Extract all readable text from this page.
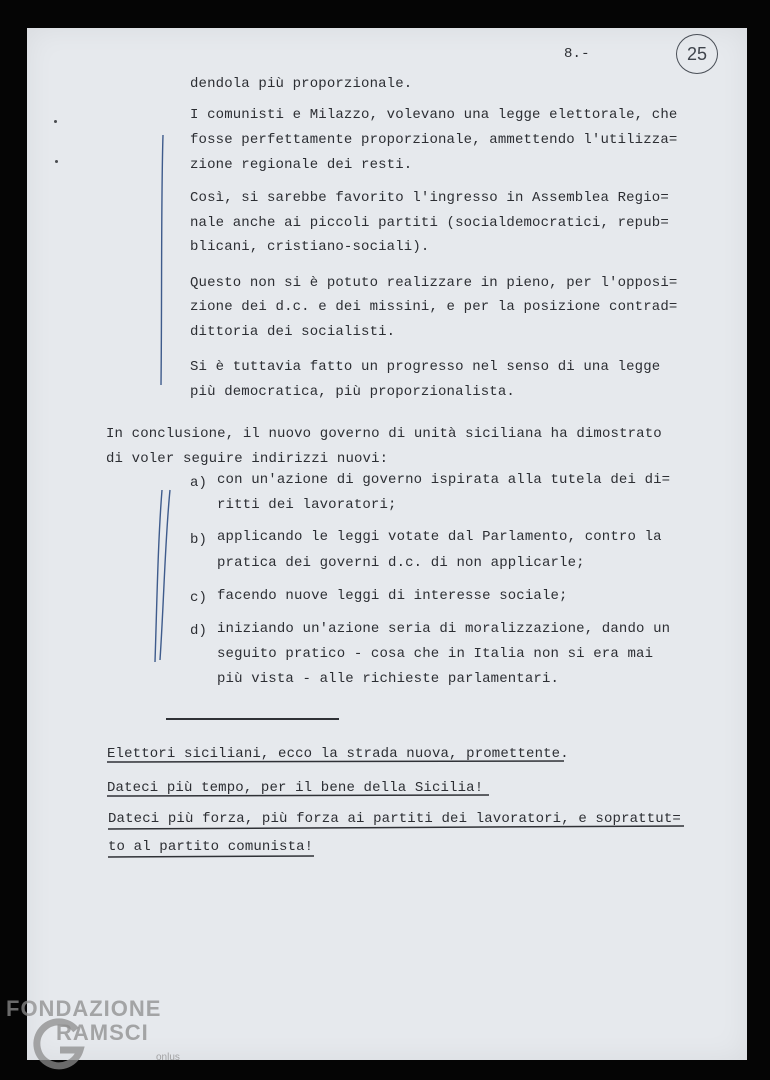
8.-	25
dendola più proporzionale.
I comunisti e Milazzo, volevano una legge elettorale, che
fosse perfettamente proporzionale, ammettendo l'utilizza=
zione regionale dei resti.
Così, si sarebbe favorito l'ingresso in Assemblea Regio=
nale anche ai piccoli partiti (socialdemocratici, repub=
blicani, cristiano-sociali).
Questo non si è potuto realizzare in pieno, per l'opposi=
zione dei d.c. e dei missini, e per la posizione contrad=
dittoria dei socialisti.
Si è tuttavia fatto un progresso nel senso di una legge
più democratica, più proporzionalista.
In conclusione, il nuovo governo di unità siciliana ha dimostrato
di voler seguire indirizzi nuovi:
a) con un'azione di governo ispirata alla tutela dei di=
ritti dei lavoratori;
b) applicando le leggi votate dal Parlamento, contro la
pratica dei governi d.c. di non applicarle;
c) facendo nuove leggi di interesse sociale;
d) iniziando un'azione seria di moralizzazione, dando un
seguito pratico - cosa che in Italia non si era mai
più vista - alle richieste parlamentari.
Elettori siciliani, ecco la strada nuova, promettente.
Dateci più tempo, per il bene della Sicilia!
Dateci più forza, più forza ai partiti dei lavoratori, e soprattut=
to al partito comunista!
FONDAZIONE
RAMSCI
onlus
